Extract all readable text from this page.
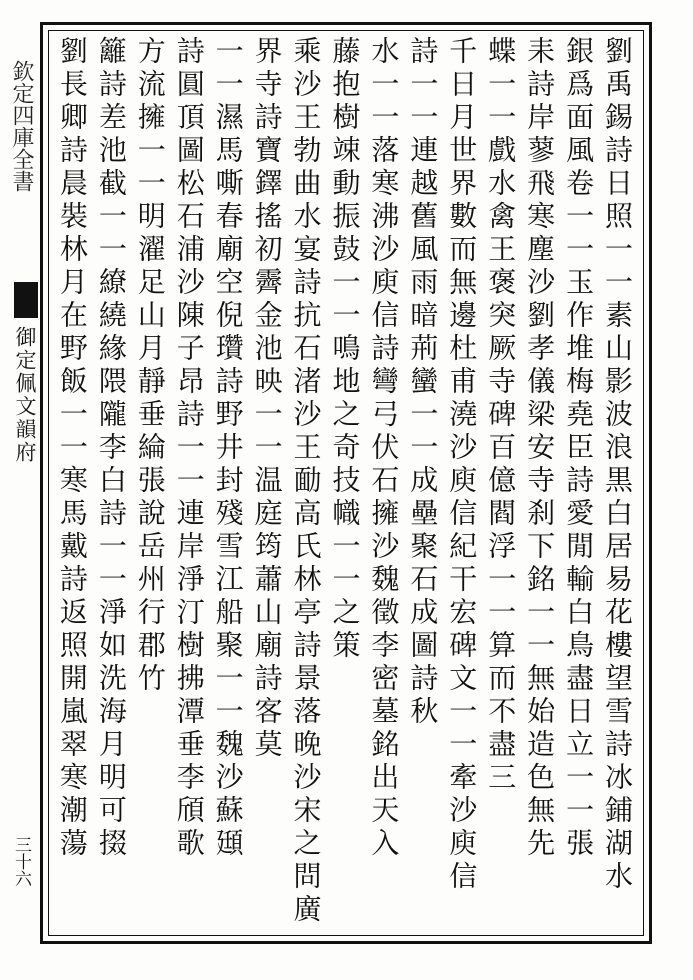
欽定四庫全書
御定佩文韻府
三十六	劉禹錫詩日照一一素山影波浪黒白居易花樓望雪詩冰鋪湖水
銀爲面風卷一一玉作堆梅堯臣詩愛閒輸白鳥盡日立一一張
耒詩岸蓼飛寒塵沙劉孝儀梁安寺刹下銘一一無始造色無先
蝶一一戲水禽王褒突厥寺碑百億閻浮一一算而不盡三
千日月世界數而無邊杜甫澆沙庾信紀干宏碑文一一牽沙庾信
詩一一連越舊風雨暗荊蠻一一成壘聚石成圖詩秋
水一一落寒沸沙庾信詩彎弓伏石擁沙魏徵李密墓銘出天入
藤抱樹竦動振鼓一一鳴地之奇技幟一一之策
乘沙王勃曲水宴詩抗石渚沙王勔高氏林亭詩景落晚沙宋之問廣
界寺詩寶鐸搖初霽金池映一一温庭筠蕭山廟詩客莫
一一濕馬嘶春廟空倪瓚詩野井封殘雪江船聚一一魏沙蘇頲
詩圓頂圖松石浦沙陳子昂詩一一連岸淨汀樹拂潭垂李頎歌
方流擁一一明濯足山月靜垂綸張說岳州行郡竹
籬詩差池截一一繚繞緣隈隴李白詩一一淨如洗海月明可掇
劉長卿詩晨裝林月在野飯一一寒馬戴詩返照開嵐翠寒潮蕩
